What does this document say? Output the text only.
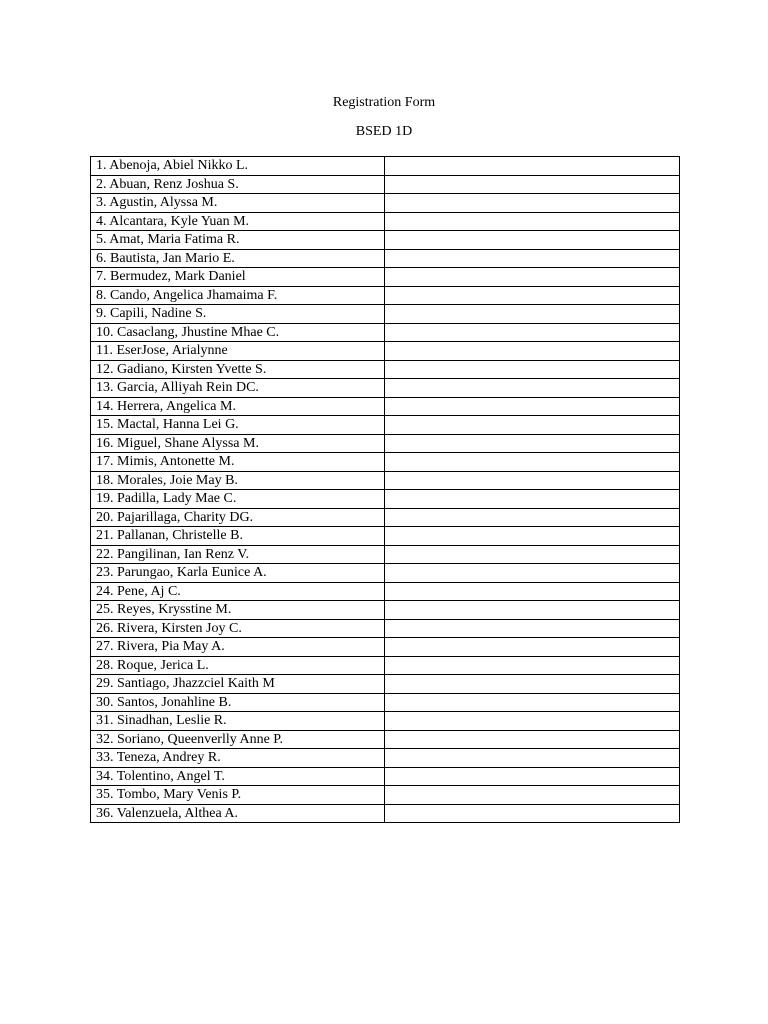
Registration Form
BSED 1D
1. Abenoja, Abiel Nikko L.	
2. Abuan, Renz Joshua S.	
3. Agustin, Alyssa M.	
4. Alcantara, Kyle Yuan M.	
5. Amat, Maria Fatima R.	
6. Bautista, Jan Mario E.	
7. Bermudez, Mark Daniel	
8. Cando, Angelica Jhamaima F.	
9. Capili, Nadine S.	
10. Casaclang, Jhustine Mhae C.	
11. EserJose, Arialynne	
12. Gadiano, Kirsten Yvette S.	
13. Garcia, Alliyah Rein DC.	
14. Herrera, Angelica M.	
15. Mactal, Hanna Lei G.	
16. Miguel, Shane Alyssa M.	
17. Mimis, Antonette M.	
18. Morales, Joie May B.	
19. Padilla, Lady Mae C.	
20. Pajarillaga, Charity DG.	
21. Pallanan, Christelle B.	
22. Pangilinan, Ian Renz V.	
23. Parungao, Karla Eunice A.	
24. Pene, Aj C.	
25. Reyes, Krysstine M.	
26. Rivera, Kirsten Joy C.	
27. Rivera, Pia May A.	
28. Roque, Jerica L.	
29. Santiago, Jhazzciel Kaith M	
30. Santos, Jonahline B.	
31. Sinadhan, Leslie R.	
32. Soriano, Queenverlly Anne P.	
33. Teneza, Andrey R.	
34. Tolentino, Angel T.	
35. Tombo, Mary Venis P.	
36. Valenzuela, Althea A.	
